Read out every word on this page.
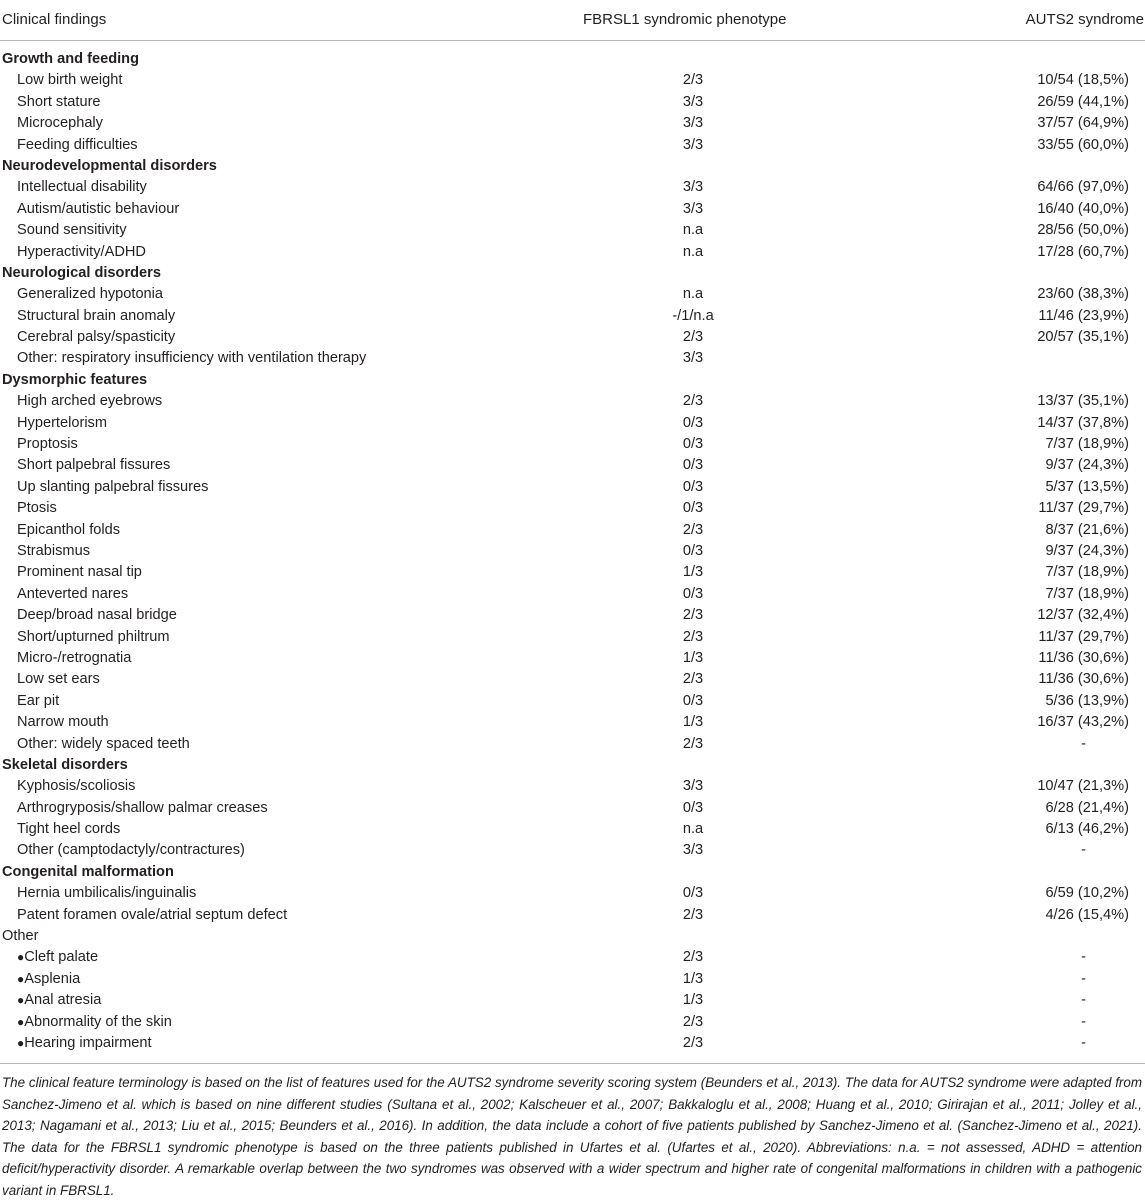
Clinical findings	FBRSL1 syndromic phenotype	AUTS2 syndrome
Growth and feeding
Low birth weight	2/3	10/54 (18,5%)
Short stature	3/3	26/59 (44,1%)
Microcephaly	3/3	37/57 (64,9%)
Feeding difficulties	3/3	33/55 (60,0%)
Neurodevelopmental disorders
Intellectual disability	3/3	64/66 (97,0%)
Autism/autistic behaviour	3/3	16/40 (40,0%)
Sound sensitivity	n.a	28/56 (50,0%)
Hyperactivity/ADHD	n.a	17/28 (60,7%)
Neurological disorders
Generalized hypotonia	n.a	23/60 (38,3%)
Structural brain anomaly	-/1/n.a	11/46 (23,9%)
Cerebral palsy/spasticity	2/3	20/57 (35,1%)
Other: respiratory insufficiency with ventilation therapy	3/3
Dysmorphic features
High arched eyebrows	2/3	13/37 (35,1%)
Hypertelorism	0/3	14/37 (37,8%)
Proptosis	0/3	7/37 (18,9%)
Short palpebral fissures	0/3	9/37 (24,3%)
Up slanting palpebral fissures	0/3	5/37 (13,5%)
Ptosis	0/3	11/37 (29,7%)
Epicanthol folds	2/3	8/37 (21,6%)
Strabismus	0/3	9/37 (24,3%)
Prominent nasal tip	1/3	7/37 (18,9%)
Anteverted nares	0/3	7/37 (18,9%)
Deep/broad nasal bridge	2/3	12/37 (32,4%)
Short/upturned philtrum	2/3	11/37 (29,7%)
Micro-/retrognatia	1/3	11/36 (30,6%)
Low set ears	2/3	11/36 (30,6%)
Ear pit	0/3	5/36 (13,9%)
Narrow mouth	1/3	16/37 (43,2%)
Other: widely spaced teeth	2/3	-
Skeletal disorders
Kyphosis/scoliosis	3/3	10/47 (21,3%)
Arthrogryposis/shallow palmar creases	0/3	6/28 (21,4%)
Tight heel cords	n.a	6/13 (46,2%)
Other (camptodactyly/contractures)	3/3	-
Congenital malformation
Hernia umbilicalis/inguinalis	0/3	6/59 (10,2%)
Patent foramen ovale/atrial septum defect	2/3	4/26 (15,4%)
Other
●Cleft palate	2/3	-
●Asplenia	1/3	-
●Anal atresia	1/3	-
●Abnormality of the skin	2/3	-
●Hearing impairment	2/3	-
The clinical feature terminology is based on the list of features used for the AUTS2 syndrome severity scoring system (Beunders et al., 2013). The data for AUTS2 syndrome were adapted from Sanchez-Jimeno et al. which is based on nine different studies (Sultana et al., 2002; Kalscheuer et al., 2007; Bakkaloglu et al., 2008; Huang et al., 2010; Girirajan et al., 2011; Jolley et al., 2013; Nagamani et al., 2013; Liu et al., 2015; Beunders et al., 2016). In addition, the data include a cohort of five patients published by Sanchez-Jimeno et al. (Sanchez-Jimeno et al., 2021). The data for the FBRSL1 syndromic phenotype is based on the three patients published in Ufartes et al. (Ufartes et al., 2020). Abbreviations: n.a. = not assessed, ADHD = attention deficit/hyperactivity disorder. A remarkable overlap between the two syndromes was observed with a wider spectrum and higher rate of congenital malformations in children with a pathogenic variant in FBRSL1.
